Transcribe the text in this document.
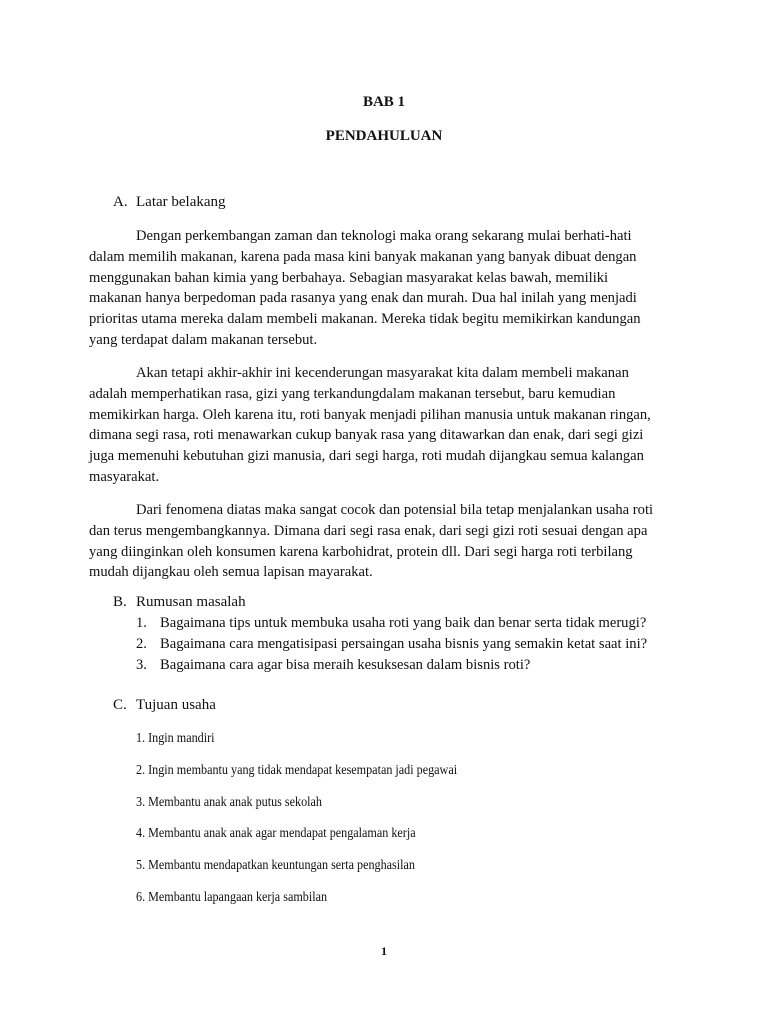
BAB 1
PENDAHULUAN
A. Latar belakang

Dengan perkembangan zaman dan teknologi maka orang sekarang mulai berhati-hati
dalam memilih makanan, karena pada masa kini banyak makanan yang banyak dibuat dengan
menggunakan bahan kimia yang berbahaya. Sebagian masyarakat kelas bawah, memiliki
makanan hanya berpedoman pada rasanya yang enak dan murah. Dua hal inilah yang menjadi
prioritas utama mereka dalam membeli makanan. Mereka tidak begitu memikirkan kandungan
yang terdapat dalam makanan tersebut.

Akan tetapi akhir-akhir ini kecenderungan masyarakat kita dalam membeli makanan
adalah memperhatikan rasa, gizi yang terkandungdalam makanan tersebut, baru kemudian
memikirkan harga. Oleh karena itu, roti banyak menjadi pilihan manusia untuk makanan ringan,
dimana segi rasa, roti menawarkan cukup banyak rasa yang ditawarkan dan enak, dari segi gizi
juga memenuhi kebutuhan gizi manusia, dari segi harga, roti mudah dijangkau semua kalangan
masyarakat.

Dari fenomena diatas maka sangat cocok dan potensial bila tetap menjalankan usaha roti
dan terus mengembangkannya. Dimana dari segi rasa enak, dari segi gizi roti sesuai dengan apa
yang diinginkan oleh konsumen karena karbohidrat, protein dll. Dari segi harga roti terbilang
mudah dijangkau oleh semua lapisan mayarakat.

B. Rumusan masalah
1. Bagaimana tips untuk membuka usaha roti yang baik dan benar serta tidak merugi?
2. Bagaimana cara mengatisipasi persaingan usaha bisnis yang semakin ketat saat ini?
3. Bagaimana cara agar bisa meraih kesuksesan dalam bisnis roti?
C. Tujuan usaha
1. Ingin mandiri
2. Ingin membantu yang tidak mendapat kesempatan jadi pegawai
3. Membantu anak anak putus sekolah
4. Membantu anak anak agar mendapat pengalaman kerja
5. Membantu mendapatkan keuntungan serta penghasilan
6. Membantu lapangaan kerja sambilan
1
